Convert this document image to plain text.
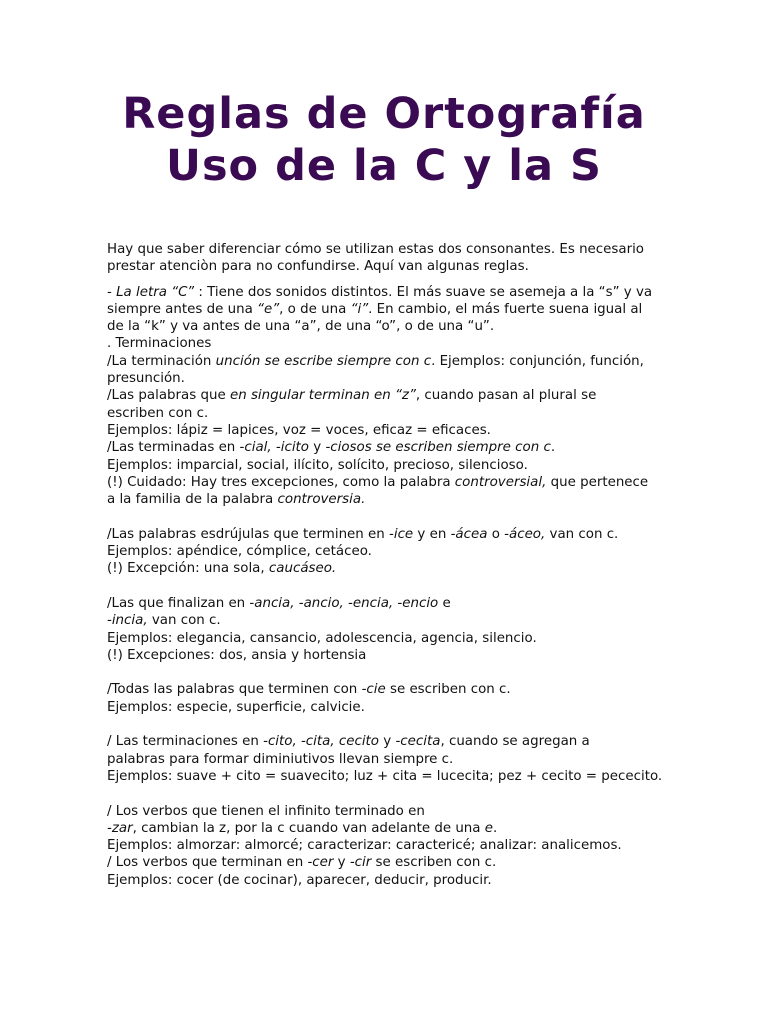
Reglas de Ortografía
Uso de la C y la S
Hay que saber diferenciar cómo se utilizan estas dos consonantes. Es necesario
prestar atenciòn para no confundirse. Aquí van algunas reglas.
- La letra “C” : Tiene dos sonidos distintos. El más suave se asemeja a la “s” y va
siempre antes de una “e”, o de una “i”. En cambio, el más fuerte suena igual al
de la “k” y va antes de una “a”, de una “o”, o de una “u”.
. Terminaciones
/La terminación unción se escribe siempre con c. Ejemplos: conjunción, función,
presunción.
/Las palabras que en singular terminan en “z”, cuando pasan al plural se
escriben con c.
Ejemplos: lápiz = lapices, voz = voces, eficaz = eficaces.
/Las terminadas en -cial, -icito y -ciosos se escriben siempre con c.
Ejemplos: imparcial, social, ilícito, solícito, precioso, silencioso.
(!) Cuidado: Hay tres excepciones, como la palabra controversial, que pertenece
a la familia de la palabra controversia.
/Las palabras esdrújulas que terminen en -ice y en -ácea o -áceo, van con c.
Ejemplos: apéndice, cómplice, cetáceo.
(!) Excepción: una sola, caucáseo.
/Las que finalizan en -ancia, -ancio, -encia, -encio e
-incia, van con c.
Ejemplos: elegancia, cansancio, adolescencia, agencia, silencio.
(!) Excepciones: dos, ansia y hortensia
/Todas las palabras que terminen con -cie se escriben con c.
Ejemplos: especie, superficie, calvicie.
/ Las terminaciones en -cito, -cita, cecito y -cecita, cuando se agregan a
palabras para formar diminiutivos llevan siempre c.
Ejemplos: suave + cito = suavecito; luz + cita = lucecita; pez + cecito = pececito.
/ Los verbos que tienen el infinito terminado en
-zar, cambian la z, por la c cuando van adelante de una e.
Ejemplos: almorzar: almorcé; caracterizar: caractericé; analizar: analicemos.
/ Los verbos que terminan en -cer y -cir se escriben con c.
Ejemplos: cocer (de cocinar), aparecer, deducir, producir.
